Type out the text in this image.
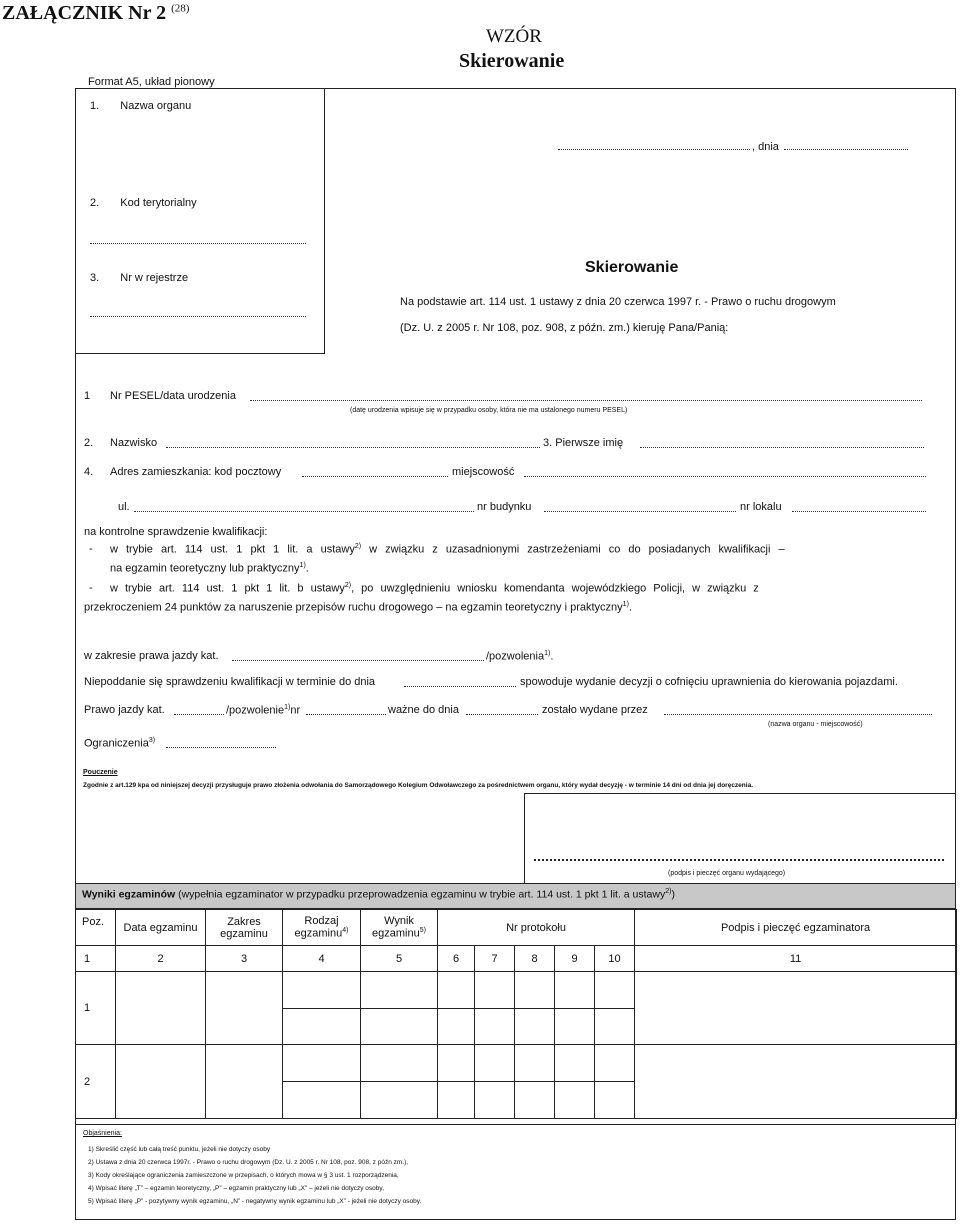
ZAŁĄCZNIK Nr 2 $^{(28)}$
WZÓR
Skierowanie
Format A5, układ pionowy
1. Nazwa organu
2. Kod terytorialny
3. Nr w rejestrze
, dnia
Skierowanie
Na podstawie art. 114 ust. 1 ustawy z dnia 20 czerwca 1997 r. - Prawo o ruchu drogowym
(Dz. U. z 2005 r. Nr 108, poz. 908, z późn. zm.) kieruję Pana/Panią:
1 Nr PESEL/data urodzenia
(datę urodzenia wpisuje się w przypadku osoby, która nie ma ustalonego numeru PESEL)
2. Nazwisko	3. Pierwsze imię
4. Adres zamieszkania: kod pocztowy	miejscowość
ul.	nr budynku	nr lokalu
na kontrolne sprawdzenie kwalifikacji:
- w trybie art. 114 ust. 1 pkt 1 lit. a ustawy$^{2)}$ w związku z uzasadnionymi zastrzeżeniami co do posiadanych kwalifikacji –
na egzamin teoretyczny lub praktyczny$^{1)}$.
- w trybie art. 114 ust. 1 pkt 1 lit. b ustawy$^{2)}$, po uwzględnieniu wniosku komendanta wojewódzkiego Policji, w związku z
przekroczeniem 24 punktów za naruszenie przepisów ruchu drogowego – na egzamin teoretyczny i praktyczny$^{1)}$.
w zakresie prawa jazdy kat.	/pozwolenia$^{1)}$.
Niepoddanie się sprawdzeniu kwalifikacji w terminie do dnia	spowoduje wydanie decyzji o cofnięciu uprawnienia do kierowania pojazdami.
Prawo jazdy kat.	/pozwolenie$^{1)}$nr	ważne do dnia	zostało wydane przez
(nazwa organu - miejscowość)
Ograniczenia$^{3)}$
Pouczenie
Zgodnie z art.129 kpa od niniejszej decyzji przysługuje prawo złożenia odwołania do Samorządowego Kolegium Odwoławczego za pośrednictwem organu, który wydał decyzję - w terminie 14 dni od dnia jej doręczenia.
(podpis i pieczęć organu wydającego)
Wyniki egzaminów (wypełnia egzaminator w przypadku przeprowadzenia egzaminu w trybie art. 114 ust. 1 pkt 1 lit. a ustawy$^{2)}$)
Poz.	Data egzaminu	Zakres egzaminu	Rodzaj egzaminu$^{4)}$	Wynik egzaminu$^{5)}$	Nr protokołu					Podpis i pieczęć egzaminatora
1	2	3	4	5	6	7	8	9	10	11
1										

2										

Objaśnienia:
1) Skreślić część lub całą treść punktu, jeżeli nie dotyczy osoby
2) Ustawa z dnia 20 czerwca 1997r. - Prawo o ruchu drogowym (Dz. U. z 2005 r. Nr 108, poz. 908, z późn zm.),
3) Kody określające ograniczenia zamieszczone w przepisach, o których mowa w § 3 ust. 1 rozporządzenia,
4) Wpisać literę „T” – egzamin teoretyczny, „P” – egzamin praktyczny lub „X” – jeżeli nie dotyczy osoby,
5) Wpisać literę „P” - pozytywny wynik egzaminu, „N” - negatywny wynik egzaminu lub „X” - jeżeli nie dotyczy osoby.
